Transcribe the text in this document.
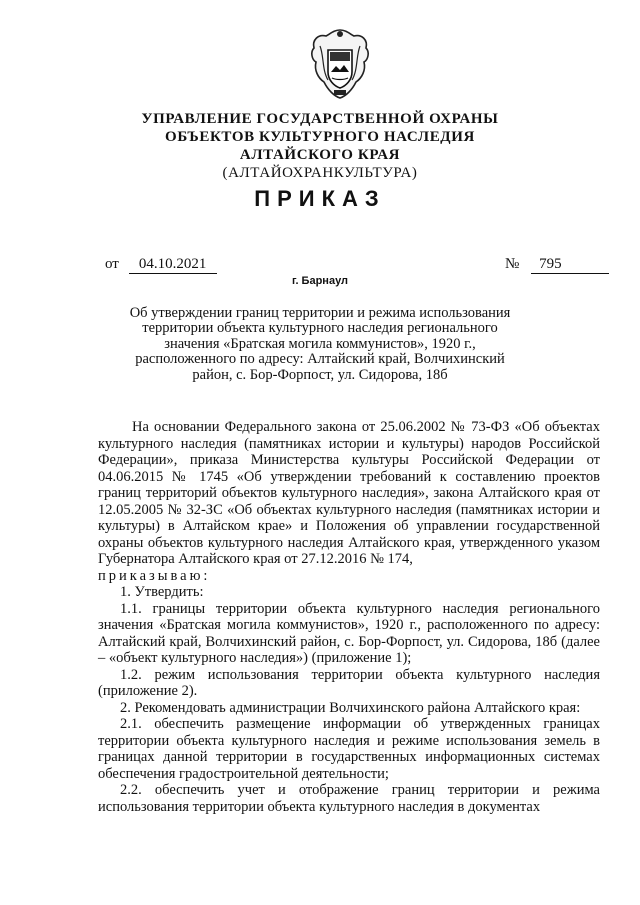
УПРАВЛЕНИЕ ГОСУДАРСТВЕННОЙ ОХРАНЫ
ОБЪЕКТОВ КУЛЬТУРНОГО НАСЛЕДИЯ
АЛТАЙСКОГО КРАЯ
(АЛТАЙОХРАНКУЛЬТУРА)
ПРИКАЗ
от 04.10.2021	№ 795
г. Барнаул
Об утверждении границ территории и режима использования территории объекта культурного наследия регионального значения «Братская могила коммунистов», 1920 г., расположенного по адресу: Алтайский край, Волчихинский район, с. Бор-Форпост, ул. Сидорова, 18б

На основании Федерального закона от 25.06.2002 № 73-ФЗ «Об объектах культурного наследия (памятниках истории и культуры) народов Российской Федерации», приказа Министерства культуры Российской Федерации от 04.06.2015 № 1745 «Об утверждении требований к составлению проектов границ территорий объектов культурного наследия», закона Алтайского края от 12.05.2005 № 32-ЗС «Об объектах культурного наследия (памятниках истории и культуры) в Алтайском крае» и Положения об управлении государственной охраны объектов культурного наследия Алтайского края, утвержденного указом Губернатора Алтайского края от 27.12.2016 № 174,

приказываю:

1. Утвердить:

1.1. границы территории объекта культурного наследия регионального значения «Братская могила коммунистов», 1920 г., расположенного по адресу: Алтайский край, Волчихинский район, с. Бор-Форпост, ул. Сидорова, 18б (далее – «объект культурного наследия») (приложение 1);

1.2. режим использования территории объекта культурного наследия (приложение 2).

2. Рекомендовать администрации Волчихинского района Алтайского края:

2.1. обеспечить размещение информации об утвержденных границах территории объекта культурного наследия и режиме использования земель в границах данной территории в государственных информационных системах обеспечения градостроительной деятельности;

2.2. обеспечить учет и отображение границ территории и режима использования территории объекта культурного наследия в документах
